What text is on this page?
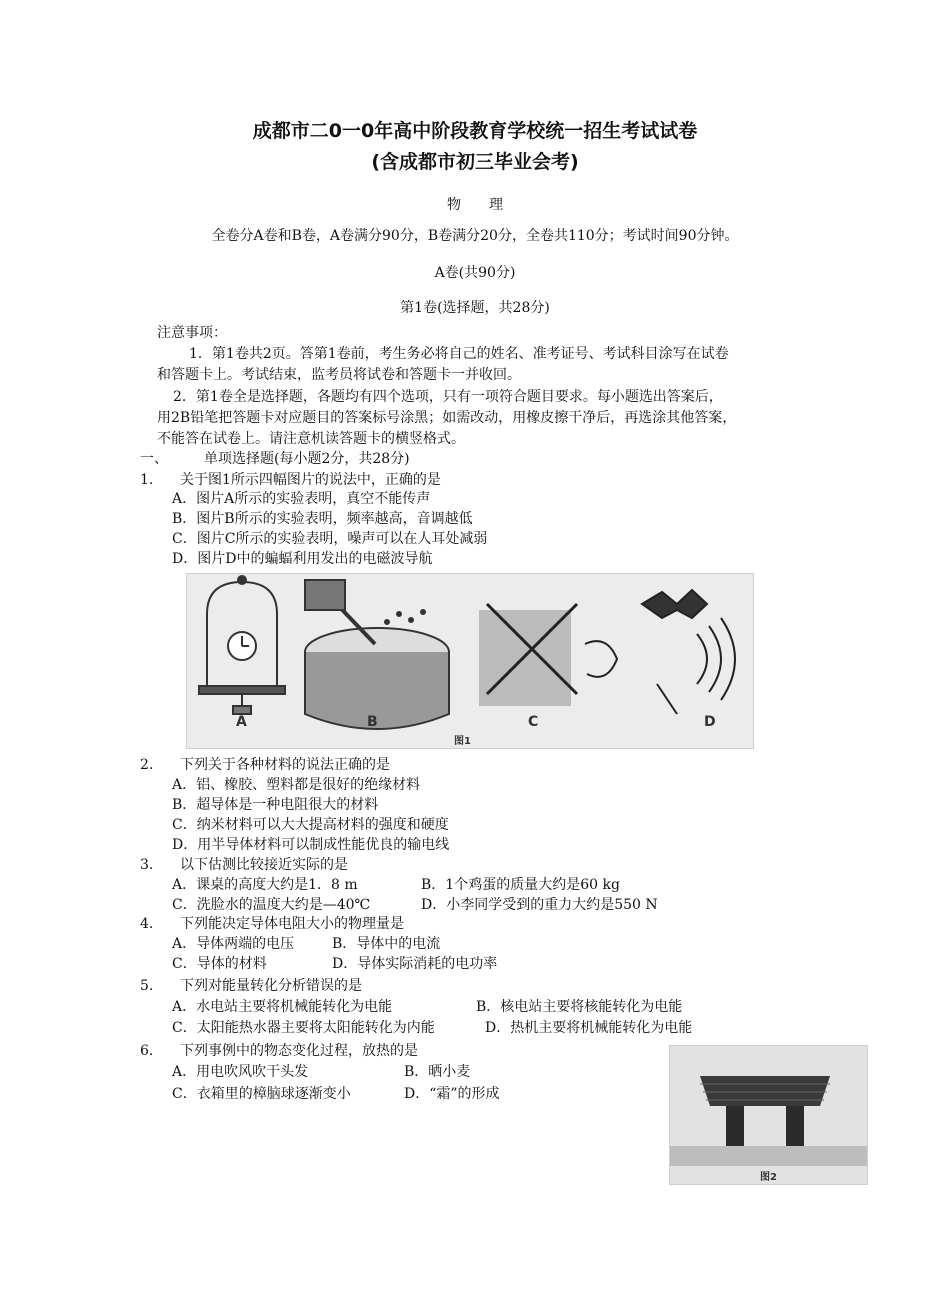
成都市二0一0年高中阶段教育学校统一招生考试试卷
(含成都市初三毕业会考)
物　　理
全卷分A卷和B卷，A卷满分90分，B卷满分20分，全卷共110分；考试时间90分钟。
A卷(共90分)
第1卷(选择题，共28分)
注意事项：
1．第1卷共2页。答第1卷前，考生务必将自己的姓名、准考证号、考试科目涂写在试卷
和答题卡上。考试结束，监考员将试卷和答题卡一并收回。
2．第1卷全是选择题，各题均有四个选项，只有一项符合题目要求。每小题选出答案后，
用2B铅笔把答题卡对应题目的答案标号涂黑；如需改动，用橡皮擦干净后，再选涂其他答案，
不能答在试卷上。请注意机读答题卡的横竖格式。
一、	单项选择题(每小题2分，共28分)
1. 关于图1所示四幅图片的说法中，正确的是
A．图片A所示的实验表明，真空不能传声
B．图片B所示的实验表明，频率越高，音调越低
C．图片C所示的实验表明，噪声可以在人耳处减弱
D．图片D中的蝙蝠利用发出的电磁波导航
A	B	C	D
图1
2. 下列关于各种材料的说法正确的是
A．铝、橡胶、塑料都是很好的绝缘材料
B．超导体是一种电阻很大的材料
C．纳米材料可以大大提高材料的强度和硬度
D．用半导体材料可以制成性能优良的输电线
3. 以下估测比较接近实际的是
A．课桌的高度大约是1．8 m	B．1个鸡蛋的质量大约是60 kg
C．洗脸水的温度大约是—40℃	D．小李同学受到的重力大约是550 N
4. 下列能决定导体电阻大小的物理量是
A．导体两端的电压	B．导体中的电流
C．导体的材料	D．导体实际消耗的电功率
5. 下列对能量转化分析错误的是
A．水电站主要将机械能转化为电能	B．核电站主要将核能转化为电能
C．太阳能热水器主要将太阳能转化为内能	D．热机主要将机械能转化为电能
6. 下列事例中的物态变化过程，放热的是
A．用电吹风吹干头发	B．晒小麦
C．衣箱里的樟脑球逐渐变小	D．“霜”的形成
图2
